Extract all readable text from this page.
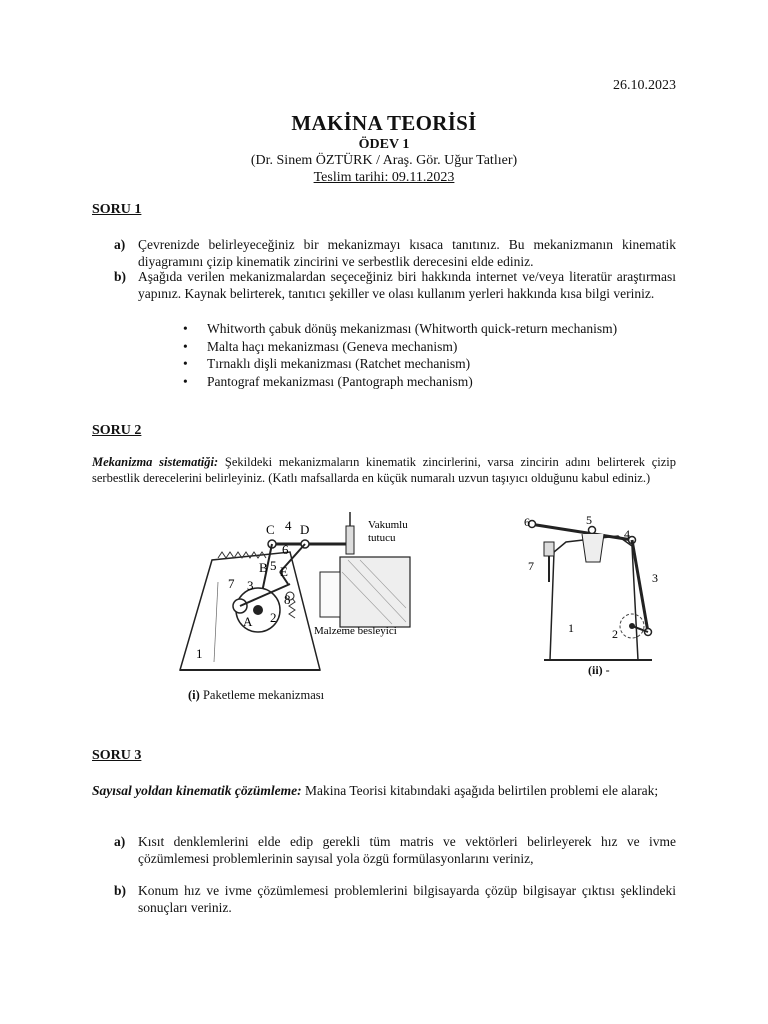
26.10.2023
MAKİNA TEORİSİ
ÖDEV 1
(Dr. Sinem ÖZTÜRK / Araş. Gör. Uğur Tatlıer)
Teslim tarihi: 09.11.2023
SORU 1
a) Çevrenizde belirleyeceğiniz bir mekanizmayı kısaca tanıtınız. Bu mekanizmanın kinematik diyagramını çizip kinematik zincirini ve serbestlik derecesini elde ediniz.
b) Aşağıda verilen mekanizmalardan seçeceğiniz biri hakkında internet ve/veya literatür araştırması yapınız. Kaynak belirterek, tanıtıcı şekiller ve olası kullanım yerleri hakkında kısa bilgi veriniz.
• Whitworth çabuk dönüş mekanizması (Whitworth quick-return mechanism)
• Malta haçı mekanizması (Geneva mechanism)
• Tırnaklı dişli mekanizması (Ratchet mechanism)
• Pantograf mekanizması (Pantograph mechanism)
SORU 2
Mekanizma sistematiği: Şekildeki mekanizmaların kinematik zincirlerini, varsa zincirin adını belirterek çizip serbestlik derecelerini belirleyiniz. (Katlı mafsallarda en küçük numaralı uzvun taşıyıcı olduğunu kabul ediniz.)
C 4 D
6
B 5 E
7 3
8
A 2
1
Vakumlu
tutucu
Malzeme besleyici
(i) Paketleme mekanizması
6	5
4
7
3
1	2
(ii) -
SORU 3
Sayısal yoldan kinematik çözümleme: Makina Teorisi kitabındaki aşağıda belirtilen problemi ele alarak;
a) Kısıt denklemlerini elde edip gerekli tüm matris ve vektörleri belirleyerek hız ve ivme çözümlemesi problemlerinin sayısal yola özgü formülasyonlarını veriniz,
b) Konum hız ve ivme çözümlemesi problemlerini bilgisayarda çözüp bilgisayar çıktısı şeklindeki sonuçları veriniz.
